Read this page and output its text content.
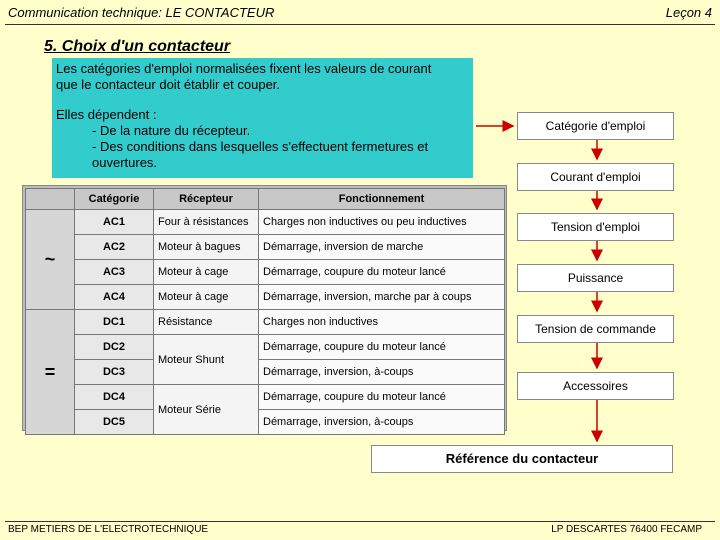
Communication technique: LE CONTACTEUR	Leçon 4
5. Choix d'un contacteur

Les catégories d'emploi normalisées fixent les valeurs de courant

que le contacteur doit établir et couper.

Elles dépendent :

- De la nature du récepteur.

- Des conditions dans lesquelles s'effectuent fermetures et

ouvertures.

	Catégorie	Récepteur	Fonctionnement
~	AC1	Four à résistances	Charges non inductives ou peu inductives
	AC2	Moteur à bagues	Démarrage, inversion de marche
	AC3	Moteur à cage	Démarrage, coupure du moteur lancé
	AC4	Moteur à cage	Démarrage, inversion, marche par à coups
=	DC1	Résistance	Charges non inductives
	DC2	Moteur Shunt	Démarrage, coupure du moteur lancé
	DC3		Démarrage, inversion, à-coups
	DC4	Moteur Série	Démarrage, coupure du moteur lancé
	DC5		Démarrage, inversion, à-coups
Catégorie d'emploi
Courant d'emploi
Tension d'emploi
Puissance
Tension de commande
Accessoires
Référence du contacteur
BEP METIERS DE L'ELECTROTECHNIQUE	LP DESCARTES 76400 FECAMP
